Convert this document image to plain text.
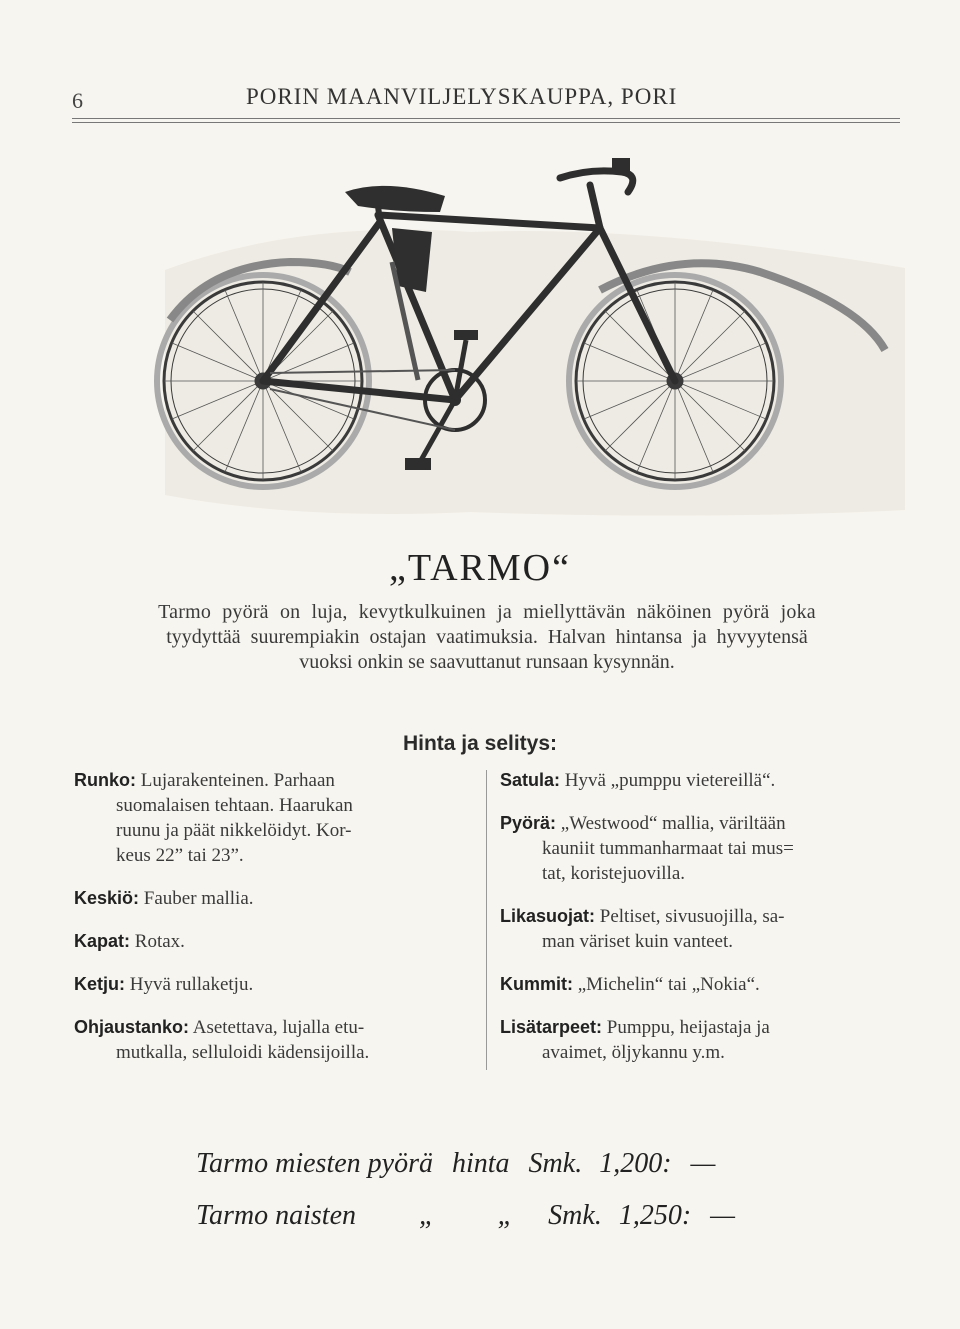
6	PORIN MAANVILJELYSKAUPPA, PORI
„TARMO“
Tarmo pyörä on luja, kevytkulkuinen ja miellyttävän näköinen pyörä joka
tyydyttää suurempiakin ostajan vaatimuksia. Halvan hintansa ja hyvyytensä
vuoksi onkin se saavuttanut runsaan kysynnän.
Hinta ja selitys:
Runko: Lujarakenteinen. Parhaan
suomalaisen tehtaan. Haarukan
ruunu ja päät nikkelöidyt. Kor-
keus 22” tai 23”.
Keskiö: Fauber mallia.
Kapat: Rotax.
Ketju: Hyvä rullaketju.
Ohjaustanko: Asetettava, lujalla etu-
mutkalla, selluloidi kädensijoilla.
Satula: Hyvä „pumppu vietereillä“.
Pyörä: „Westwood“ mallia, väriltään
kauniit tummanharmaat tai mus=
tat, koristejuovilla.
Likasuojat: Peltiset, sivusuojilla, sa-
man väriset kuin vanteet.
Kummit: „Michelin“ tai „Nokia“.
Lisätarpeet: Pumppu, heijastaja ja
avaimet, öljykannu y.m.
Tarmo miesten pyörä hinta Smk. 1,200: —
Tarmo naisten „ „ Smk. 1,250: —
